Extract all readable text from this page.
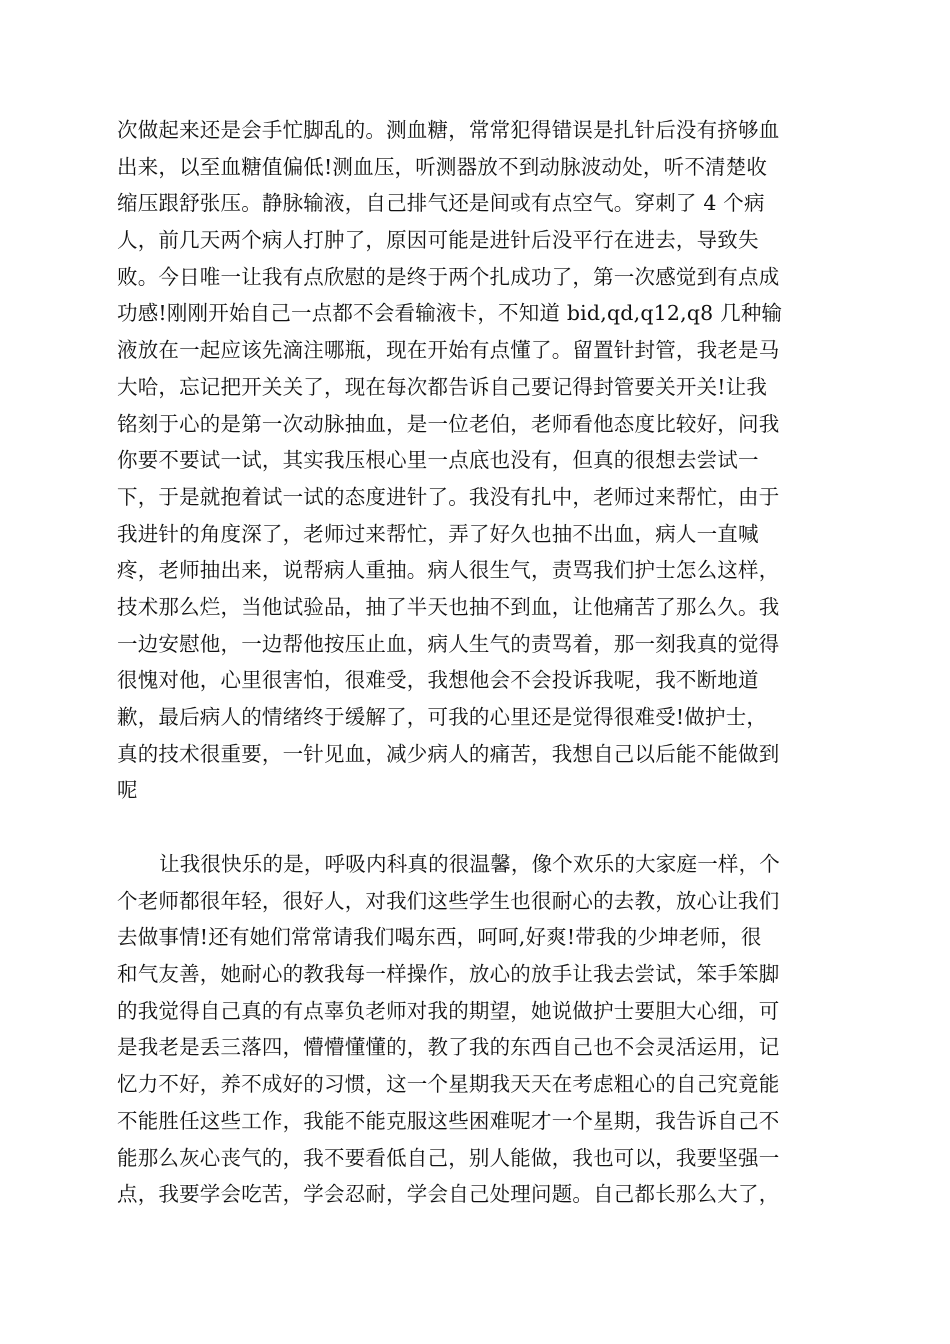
次做起来还是会手忙脚乱的。测血糖，常常犯得错误是扎针后没有挤够血
出来，以至血糖值偏低!测血压，听测器放不到动脉波动处，听不清楚收
缩压跟舒张压。静脉输液，自己排气还是间或有点空气。穿刺了 4 个病
人，前几天两个病人打肿了，原因可能是进针后没平行在进去，导致失
败。今日唯一让我有点欣慰的是终于两个扎成功了，第一次感觉到有点成
功感!刚刚开始自己一点都不会看输液卡，不知道 bid,qd,q12,q8 几种输
液放在一起应该先滴注哪瓶，现在开始有点懂了。留置针封管，我老是马
大哈，忘记把开关关了，现在每次都告诉自己要记得封管要关开关!让我
铭刻于心的是第一次动脉抽血，是一位老伯，老师看他态度比较好，问我
你要不要试一试，其实我压根心里一点底也没有，但真的很想去尝试一
下，于是就抱着试一试的态度进针了。我没有扎中，老师过来帮忙，由于
我进针的角度深了，老师过来帮忙，弄了好久也抽不出血，病人一直喊
疼，老师抽出来，说帮病人重抽。病人很生气，责骂我们护士怎么这样，
技术那么烂，当他试验品，抽了半天也抽不到血，让他痛苦了那么久。我
一边安慰他，一边帮他按压止血，病人生气的责骂着，那一刻我真的觉得
很愧对他，心里很害怕，很难受，我想他会不会投诉我呢，我不断地道
歉，最后病人的情绪终于缓解了，可我的心里还是觉得很难受!做护士，
真的技术很重要，一针见血，减少病人的痛苦，我想自己以后能不能做到
呢
让我很快乐的是，呼吸内科真的很温馨，像个欢乐的大家庭一样，个
个老师都很年轻，很好人，对我们这些学生也很耐心的去教，放心让我们
去做事情!还有她们常常请我们喝东西，呵呵,好爽!带我的少坤老师，很
和气友善，她耐心的教我每一样操作，放心的放手让我去尝试，笨手笨脚
的我觉得自己真的有点辜负老师对我的期望，她说做护士要胆大心细，可
是我老是丢三落四，懵懵懂懂的，教了我的东西自己也不会灵活运用，记
忆力不好，养不成好的习惯，这一个星期我天天在考虑粗心的自己究竟能
不能胜任这些工作，我能不能克服这些困难呢才一个星期，我告诉自己不
能那么灰心丧气的，我不要看低自己，别人能做，我也可以，我要坚强一
点，我要学会吃苦，学会忍耐，学会自己处理问题。自己都长那么大了，
